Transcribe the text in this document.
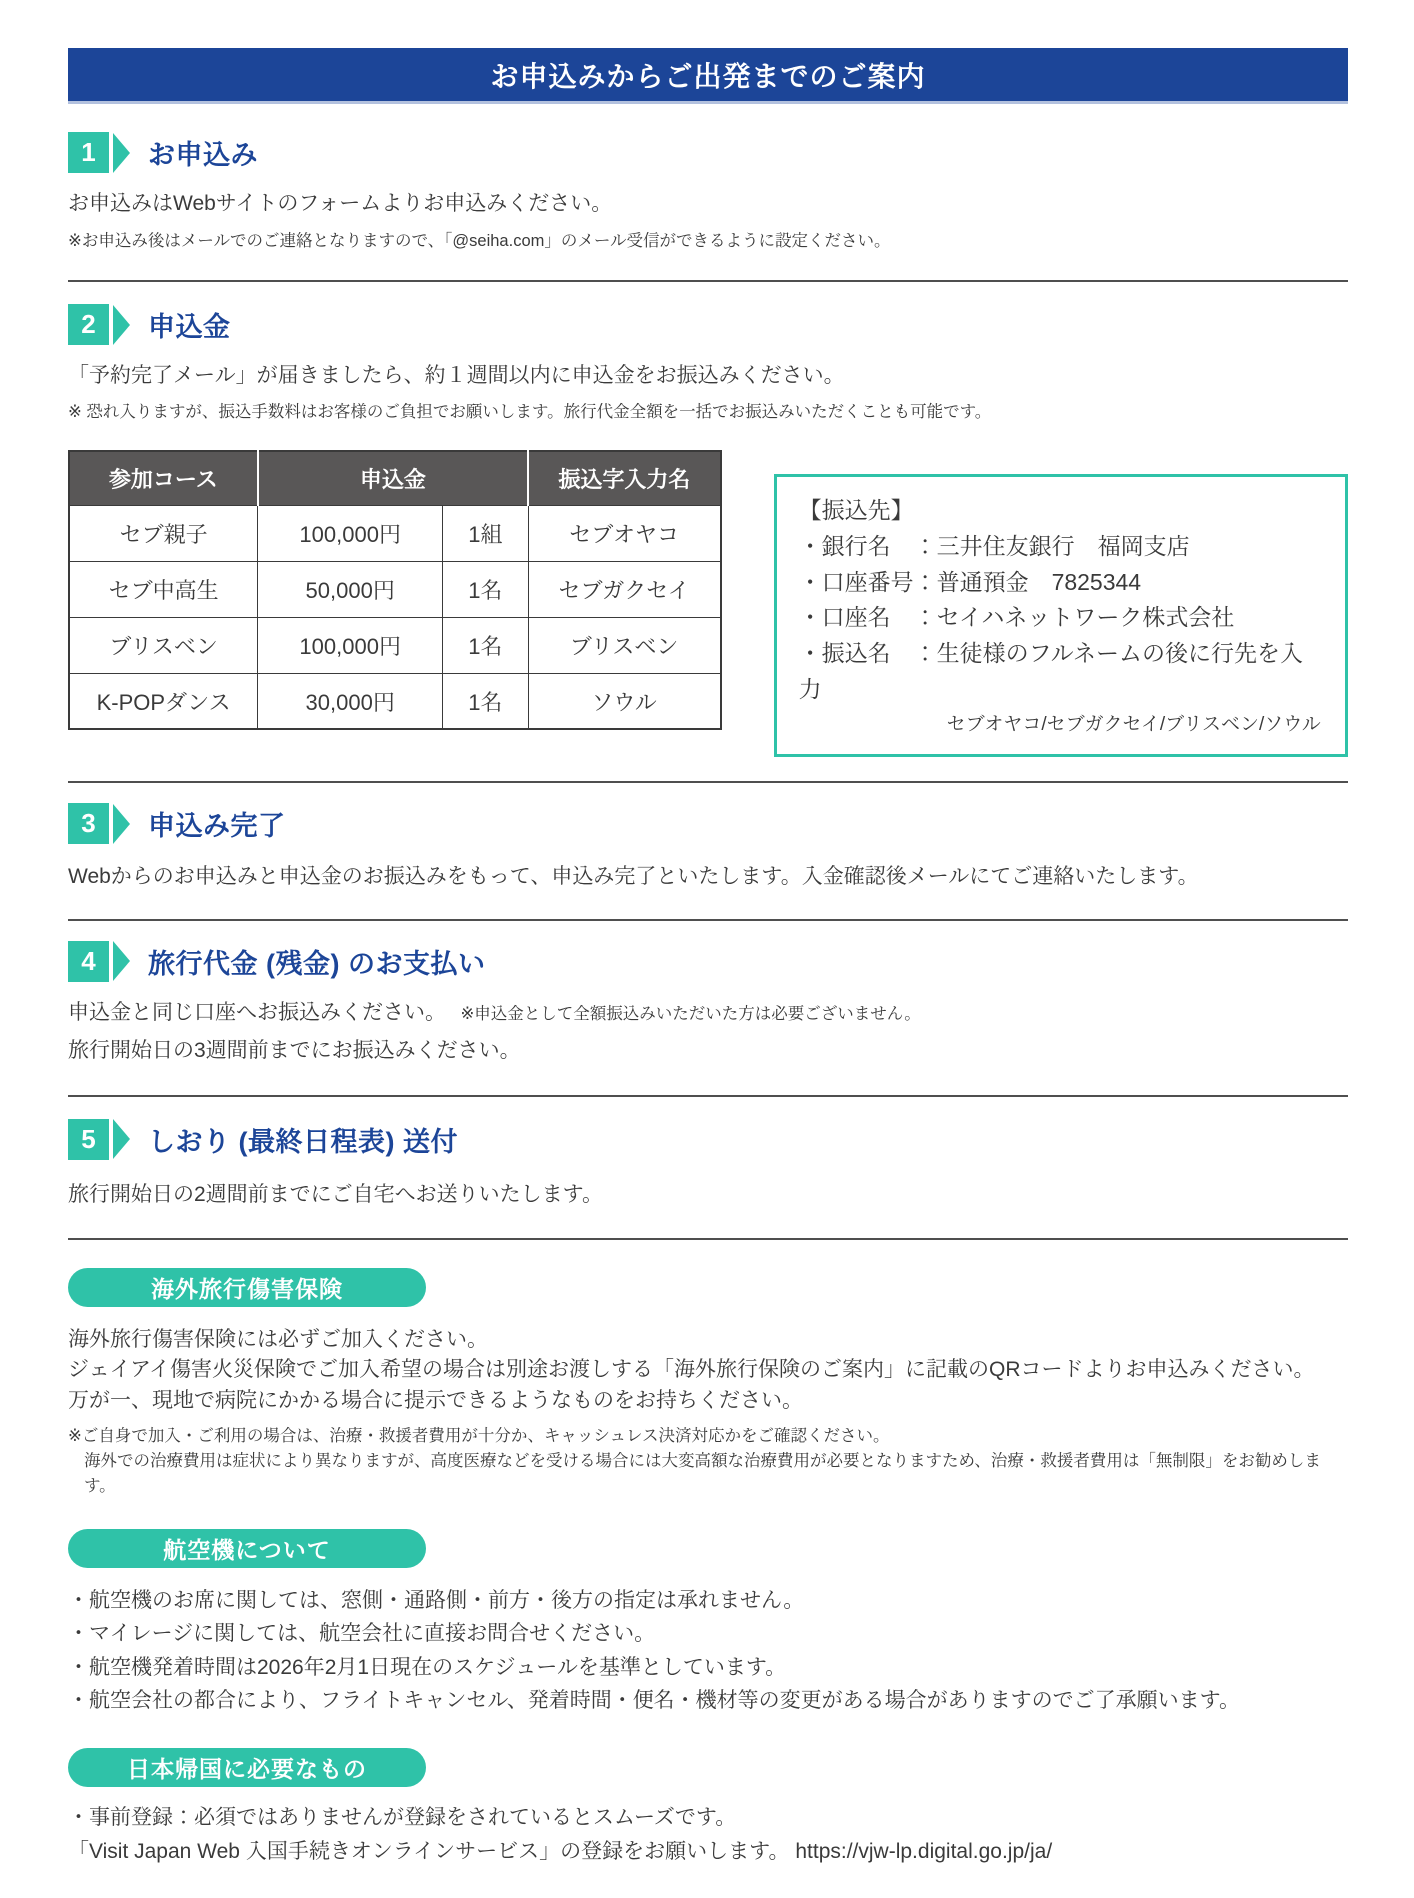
お申込みからご出発までのご案内
1	お申込み
お申込みはWebサイトのフォームよりお申込みください。
※お申込み後はメールでのご連絡となりますので、「@seiha.com」のメール受信ができるように設定ください。
2	申込金
「予約完了メール」が届きましたら、約１週間以内に申込金をお振込みください。
※ 恐れ入りますが、振込手数料はお客様のご負担でお願いします。旅行代金全額を一括でお振込みいただくことも可能です。
参加コース	申込金		振込字入力名
セブ親子	100,000円	1組	セブオヤコ
セブ中高生	50,000円	1名	セブガクセイ
ブリスベン	100,000円	1名	ブリスベン
K-POPダンス	30,000円	1名	ソウル
【振込先】
・銀行名　：三井住友銀行　福岡支店
・口座番号：普通預金　7825344
・口座名　：セイハネットワーク株式会社
・振込名　：生徒様のフルネームの後に行先を入力
セブオヤコ/セブガクセイ/ブリスベン/ソウル
3	申込み完了
Webからのお申込みと申込金のお振込みをもって、申込み完了といたします。入金確認後メールにてご連絡いたします。
4	旅行代金 (残金) のお支払い
申込金と同じ口座へお振込みください。 ※申込金として全額振込みいただいた方は必要ございません。
旅行開始日の3週間前までにお振込みください。
5	しおり (最終日程表) 送付
旅行開始日の2週間前までにご自宅へお送りいたします。
海外旅行傷害保険
海外旅行傷害保険には必ずご加入ください。
ジェイアイ傷害火災保険でご加入希望の場合は別途お渡しする「海外旅行保険のご案内」に記載のQRコードよりお申込みください。
万が一、現地で病院にかかる場合に提示できるようなものをお持ちください。
※ご自身で加入・ご利用の場合は、治療・救援者費用が十分か、キャッシュレス決済対応かをご確認ください。
海外での治療費用は症状により異なりますが、高度医療などを受ける場合には大変高額な治療費用が必要となりますため、治療・救援者費用は「無制限」をお勧めします。
航空機について
・航空機のお席に関しては、窓側・通路側・前方・後方の指定は承れません。
・マイレージに関しては、航空会社に直接お問合せください。
・航空機発着時間は2026年2月1日現在のスケジュールを基準としています。
・航空会社の都合により、フライトキャンセル、発着時間・便名・機材等の変更がある場合がありますのでご了承願います。
日本帰国に必要なもの
・事前登録：必須ではありませんが登録をされているとスムーズです。
「Visit Japan Web 入国手続きオンラインサービス」の登録をお願いします。 https://vjw-lp.digital.go.jp/ja/
